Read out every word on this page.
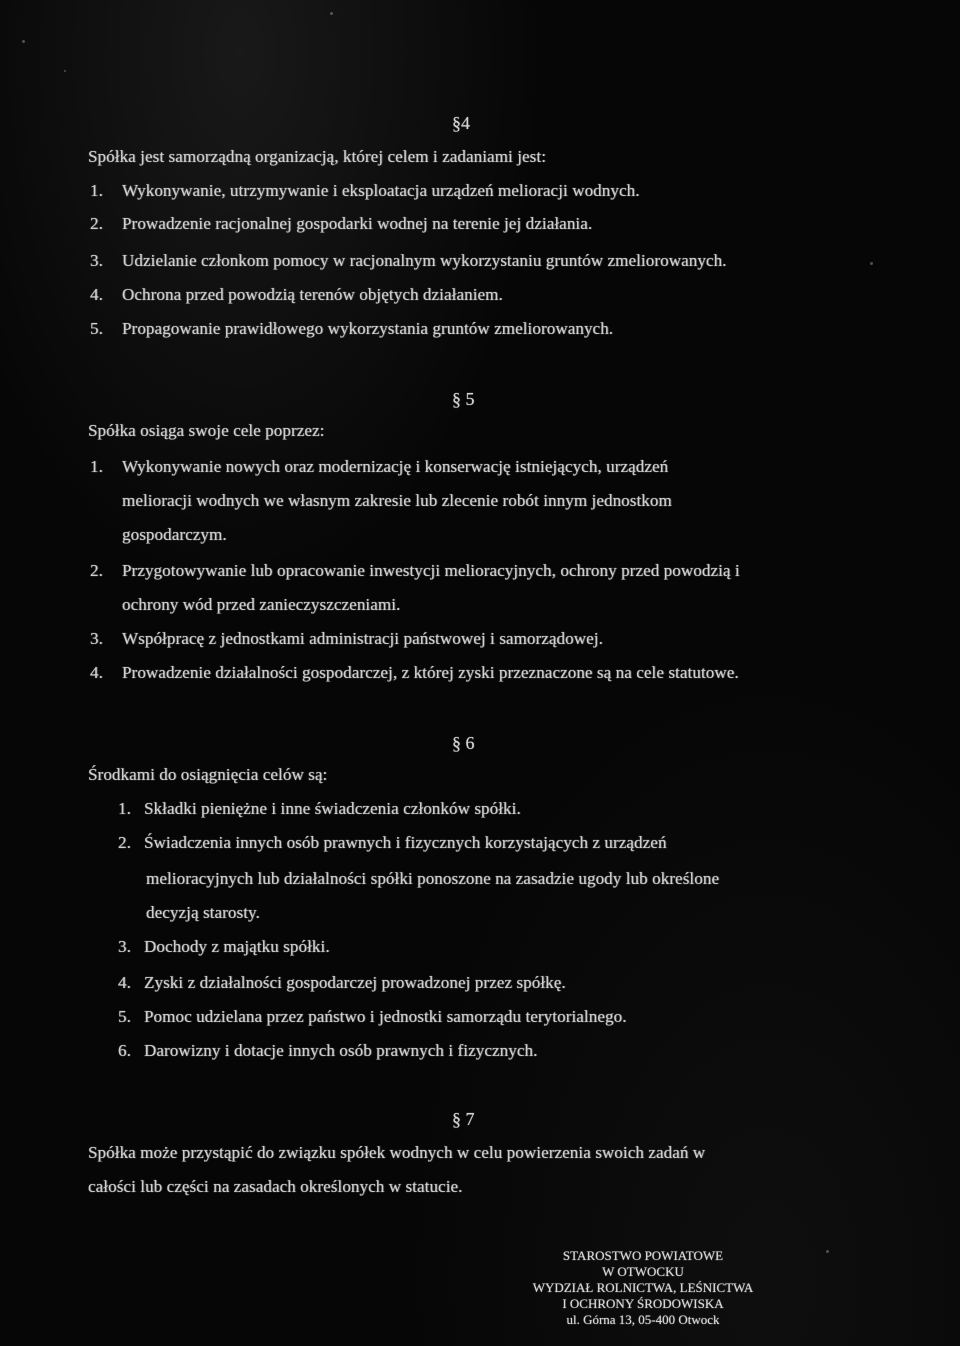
§4
Spółka jest samorządną organizacją, której celem i zadaniami jest:
1. Wykonywanie, utrzymywanie i eksploatacja urządzeń melioracji wodnych.
2. Prowadzenie racjonalnej gospodarki wodnej na terenie jej działania.
3. Udzielanie członkom pomocy w racjonalnym wykorzystaniu gruntów zmeliorowanych.
4. Ochrona przed powodzią terenów objętych działaniem.
5. Propagowanie prawidłowego wykorzystania gruntów zmeliorowanych.
§ 5
Spółka osiąga swoje cele poprzez:
1. Wykonywanie nowych oraz modernizację i konserwację istniejących, urządzeń
melioracji wodnych we własnym zakresie lub zlecenie robót innym jednostkom
gospodarczym.
2. Przygotowywanie lub opracowanie inwestycji melioracyjnych, ochrony przed powodzią i
ochrony wód przed zanieczyszczeniami.
3. Współpracę z jednostkami administracji państwowej i samorządowej.
4. Prowadzenie działalności gospodarczej, z której zyski przeznaczone są na cele statutowe.
§ 6
Środkami do osiągnięcia celów są:
1. Składki pieniężne i inne świadczenia członków spółki.
2. Świadczenia innych osób prawnych i fizycznych korzystających z urządzeń
melioracyjnych lub działalności spółki ponoszone na zasadzie ugody lub określone
decyzją starosty.
3. Dochody z majątku spółki.
4. Zyski z działalności gospodarczej prowadzonej przez spółkę.
5. Pomoc udzielana przez państwo i jednostki samorządu terytorialnego.
6. Darowizny i dotacje innych osób prawnych i fizycznych.
§ 7
Spółka może przystąpić do związku spółek wodnych w celu powierzenia swoich zadań w
całości lub części na zasadach określonych w statucie.
STAROSTWO POWIATOWE
W OTWOCKU
WYDZIAŁ ROLNICTWA, LEŚNICTWA
I OCHRONY ŚRODOWISKA
ul. Górna 13, 05-400 Otwock
